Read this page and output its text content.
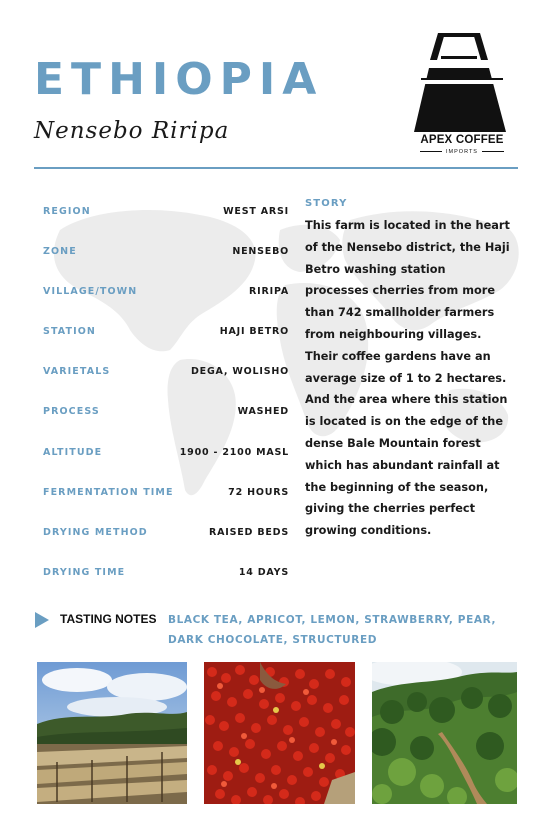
ETHIOPIA
Nensebo Riripa	APEX COFFEE
IMPORTS
REGION	WEST ARSI
ZONE	NENSEBO
VILLAGE/TOWN	RIRIPA
STATION	HAJI BETRO
VARIETALS	DEGA, WOLISHO
PROCESS	WASHED
ALTITUDE	1900 - 2100 MASL
FERMENTATION TIME	72 HOURS
DRYING METHOD	RAISED BEDS
DRYING TIME	14 DAYS
STORY
This farm is located in the heart of the Nensebo district, the Haji Betro washing station processes cherries from more than 742 smallholder farmers from neighbouring villages. Their coffee gardens have an average size of 1 to 2 hectares. And the area where this station is located is on the edge of the dense Bale Mountain forest which has abundant rainfall at the beginning of the season, giving the cherries perfect growing conditions.
TASTING NOTES BLACK TEA, APRICOT, LEMON, STRAWBERRY, PEAR, DARK CHOCOLATE, STRUCTURED
